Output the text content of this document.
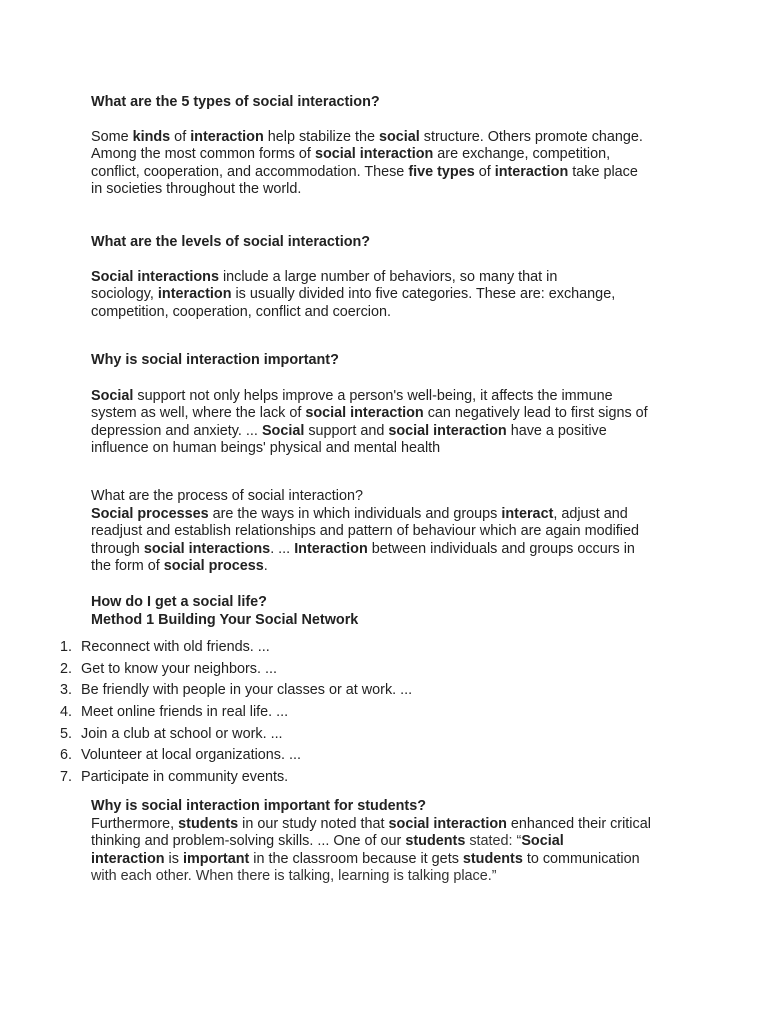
What are the 5 types of social interaction?

Some kinds of interaction help stabilize the social structure. Others promote change.
Among the most common forms of social interaction are exchange, competition,
conflict, cooperation, and accommodation. These five types of interaction take place
in societies throughout the world.

What are the levels of social interaction?

Social interactions include a large number of behaviors, so many that in
sociology, interaction is usually divided into five categories. These are: exchange,
competition, cooperation, conflict and coercion.

Why is social interaction important?

Social support not only helps improve a person's well-being, it affects the immune
system as well, where the lack of social interaction can negatively lead to first signs of
depression and anxiety. ... Social support and social interaction have a positive
influence on human beings' physical and mental health

What are the process of social interaction?

Social processes are the ways in which individuals and groups interact, adjust and
readjust and establish relationships and pattern of behaviour which are again modified
through social interactions. ... Interaction between individuals and groups occurs in
the form of social process.

How do I get a social life?

Method 1 Building Your Social Network

1. Reconnect with old friends. ...
2. Get to know your neighbors. ...
3. Be friendly with people in your classes or at work. ...
4. Meet online friends in real life. ...
5. Join a club at school or work. ...
6. Volunteer at local organizations. ...
7. Participate in community events.
Why is social interaction important for students?

Furthermore, students in our study noted that social interaction enhanced their critical
thinking and problem-solving skills. ... One of our students stated: “Social
interaction is important in the classroom because it gets students to communication
with each other. When there is talking, learning is talking place.”
